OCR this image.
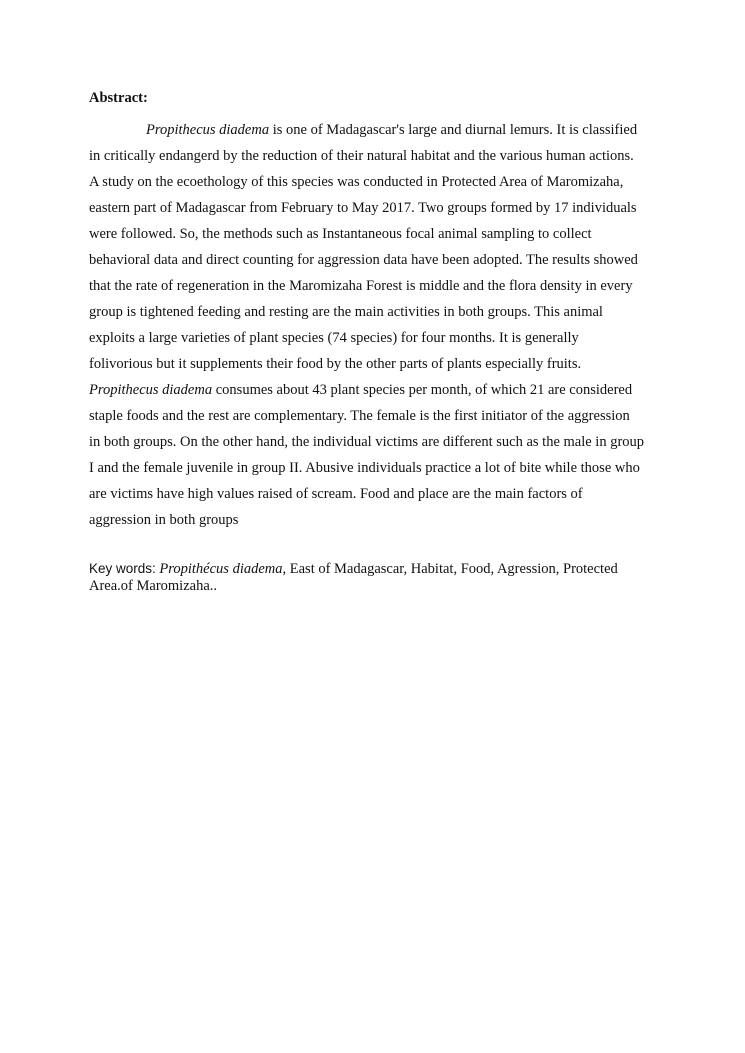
Abstract:
Propithecus diadema is one of Madagascar's large and diurnal lemurs. It is classified
in critically endangerd by the reduction of their natural habitat and the various human actions.
A study on the ecoethology of this species was conducted in Protected Area of Maromizaha,
eastern part of Madagascar from February to May 2017. Two groups formed by 17 individuals
were followed. So, the methods such as Instantaneous focal animal sampling to collect
behavioral data and direct counting for aggression data have been adopted. The results showed
that the rate of regeneration in the Maromizaha Forest is middle and the flora density in every
group is tightened feeding and resting are the main activities in both groups. This animal
exploits a large varieties of plant species (74 species) for four months. It is generally
folivorious but it supplements their food by the other parts of plants especially fruits.
Propithecus diadema consumes about 43 plant species per month, of which 21 are considered
staple foods and the rest are complementary. The female is the first initiator of the aggression
in both groups. On the other hand, the individual victims are different such as the male in group
I and the female juvenile in group II. Abusive individuals practice a lot of bite while those who
are victims have high values raised of scream. Food and place are the main factors of
aggression in both groups
Key words: Propithécus diadema, East of Madagascar, Habitat, Food, Agression, Protected
Area.of Maromizaha..
